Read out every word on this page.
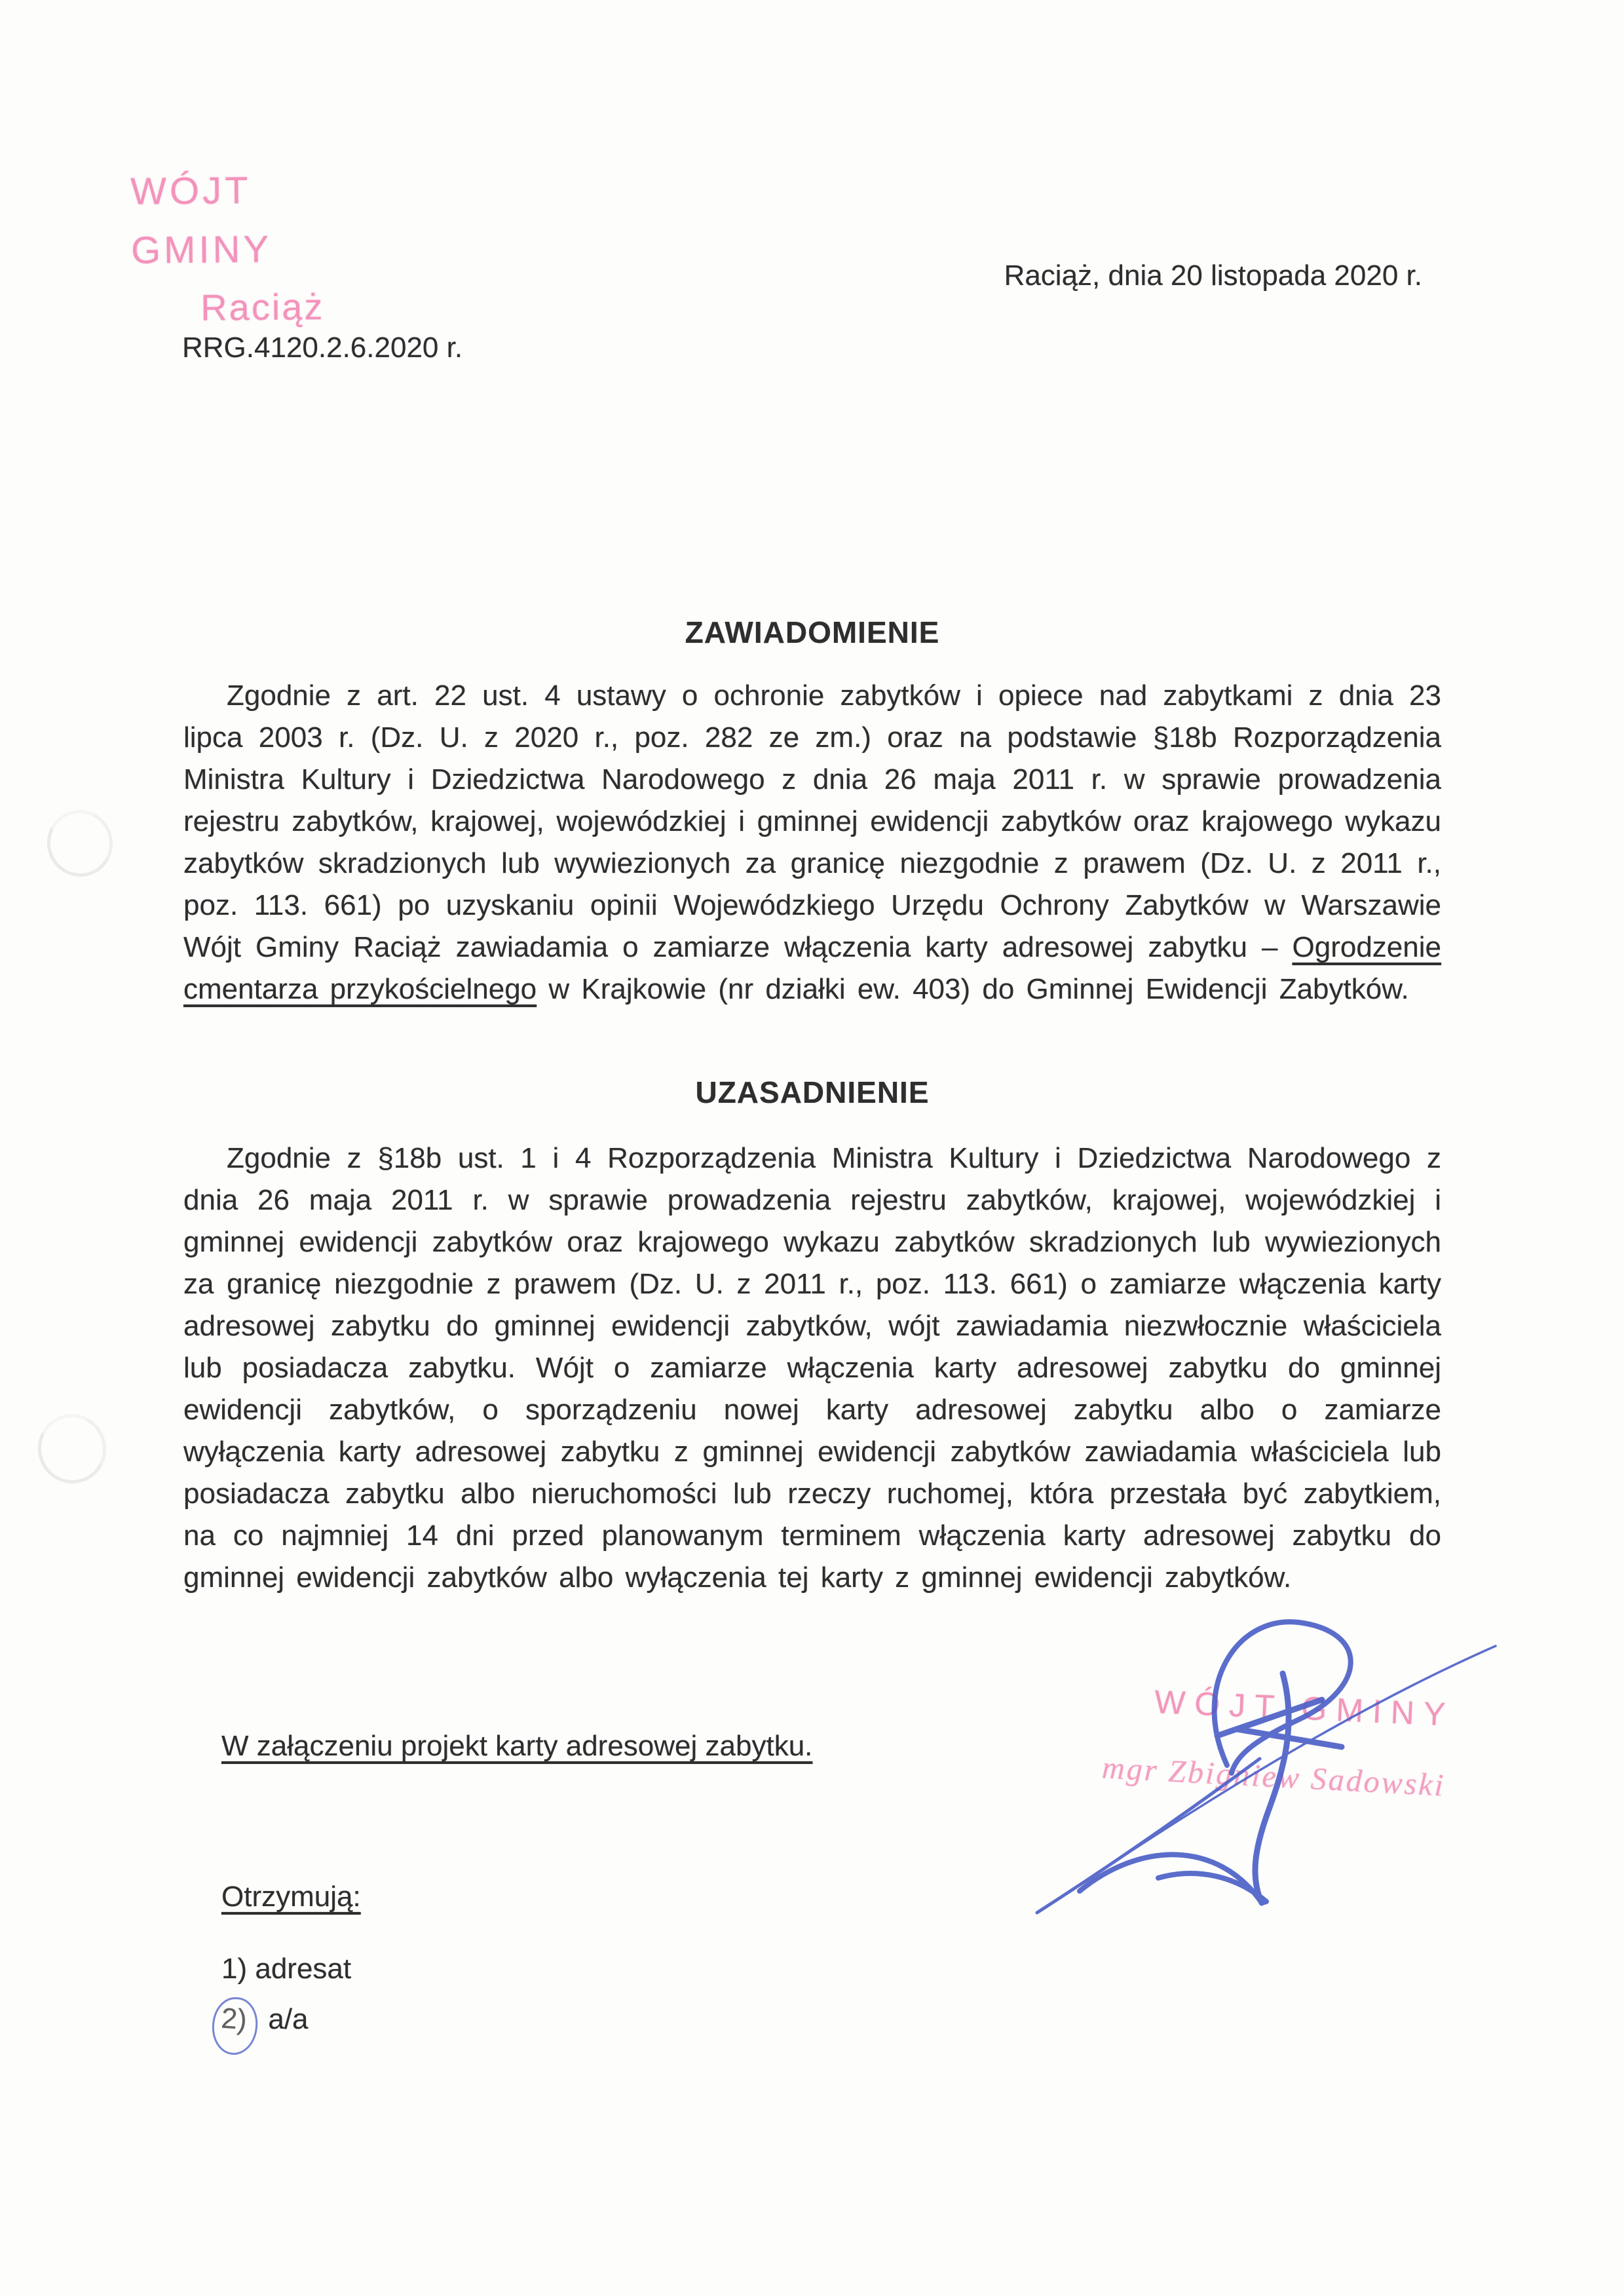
WÓJT GMINY
Raciąż
Raciąż, dnia 20 listopada 2020 r.
RRG.4120.2.6.2020 r.
ZAWIADOMIENIE
Zgodnie z art. 22 ust. 4 ustawy o ochronie zabytków i opiece nad zabytkami z dnia 23 lipca 2003 r. (Dz. U. z 2020 r., poz. 282 ze zm.) oraz na podstawie §18b Rozporządzenia Ministra Kultury i Dziedzictwa Narodowego z dnia 26 maja 2011 r. w sprawie prowadzenia rejestru zabytków, krajowej, wojewódzkiej i gminnej ewidencji zabytków oraz krajowego wykazu zabytków skradzionych lub wywiezionych za granicę niezgodnie z prawem (Dz. U. z 2011 r., poz. 113. 661) po uzyskaniu opinii Wojewódzkiego Urzędu Ochrony Zabytków w Warszawie Wójt Gminy Raciąż zawiadamia o zamiarze włączenia karty adresowej zabytku – Ogrodzenie cmentarza przykościelnego w Krajkowie (nr działki ew. 403) do Gminnej Ewidencji Zabytków.
UZASADNIENIE
Zgodnie z §18b ust. 1 i 4 Rozporządzenia Ministra Kultury i Dziedzictwa Narodowego z dnia 26 maja 2011 r. w sprawie prowadzenia rejestru zabytków, krajowej, wojewódzkiej i gminnej ewidencji zabytków oraz krajowego wykazu zabytków skradzionych lub wywiezionych za granicę niezgodnie z prawem (Dz. U. z 2011 r., poz. 113. 661) o zamiarze włączenia karty adresowej zabytku do gminnej ewidencji zabytków, wójt zawiadamia niezwłocznie właściciela lub posiadacza zabytku. Wójt o zamiarze włączenia karty adresowej zabytku do gminnej ewidencji zabytków, o sporządzeniu nowej karty adresowej zabytku albo o zamiarze wyłączenia karty adresowej zabytku z gminnej ewidencji zabytków zawiadamia właściciela lub posiadacza zabytku albo nieruchomości lub rzeczy ruchomej, która przestała być zabytkiem, na co najmniej 14 dni przed planowanym terminem włączenia karty adresowej zabytku do gminnej ewidencji zabytków albo wyłączenia tej karty z gminnej ewidencji zabytków.
W załączeniu projekt karty adresowej zabytku.
WÓJT GMINY
mgr Zbigniew Sadowski
Otrzymują:
1) adresat
2) a/a
